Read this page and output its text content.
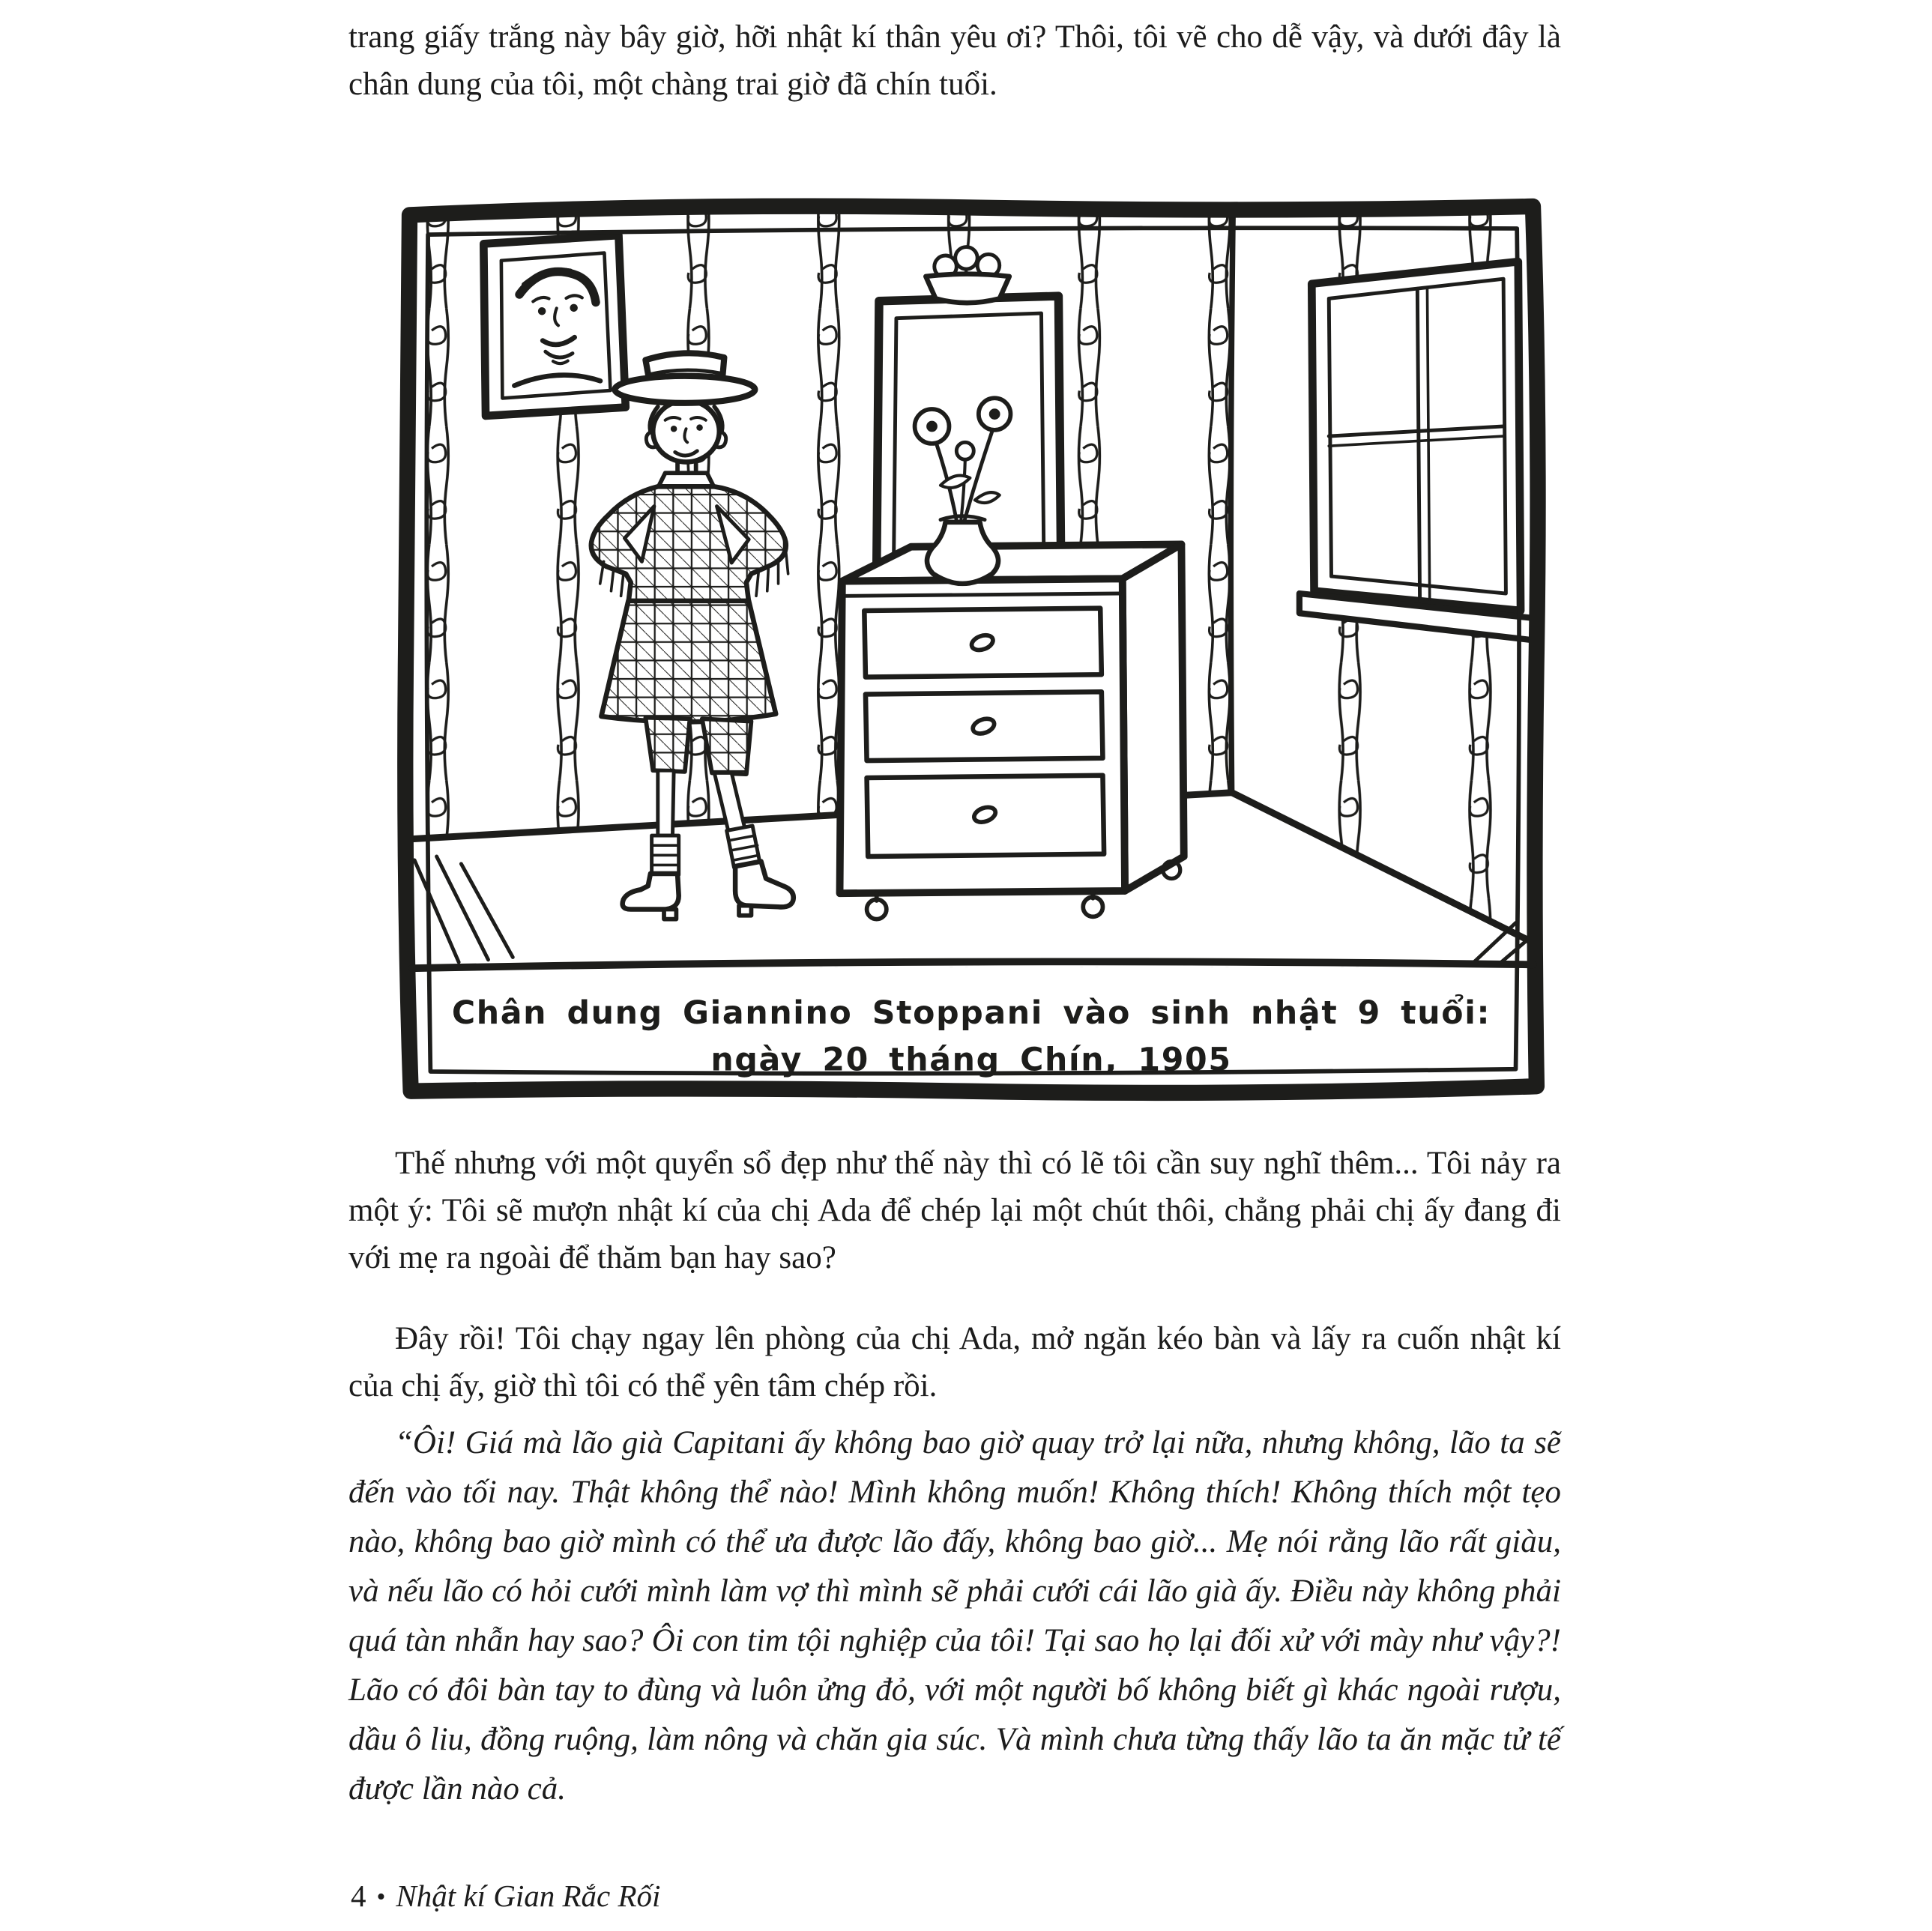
trang giấy trắng này bây giờ, hỡi nhật kí thân yêu ơi? Thôi, tôi vẽ cho dễ vậy, và dưới đây là chân dung của tôi, một chàng trai giờ đã chín tuổi.

Chân dung Giannino Stoppani vào sinh nhật 9 tuổi:
ngày 20 tháng Chín, 1905

Thế nhưng với một quyển sổ đẹp như thế này thì có lẽ tôi cần suy nghĩ thêm... Tôi nảy ra một ý: Tôi sẽ mượn nhật kí của chị Ada để chép lại một chút thôi, chẳng phải chị ấy đang đi với mẹ ra ngoài để thăm bạn hay sao?

Đây rồi! Tôi chạy ngay lên phòng của chị Ada, mở ngăn kéo bàn và lấy ra cuốn nhật kí của chị ấy, giờ thì tôi có thể yên tâm chép rồi.

“Ôi! Giá mà lão già Capitani ấy không bao giờ quay trở lại nữa, nhưng không, lão ta sẽ đến vào tối nay. Thật không thể nào! Mình không muốn! Không thích! Không thích một tẹo nào, không bao giờ mình có thể ưa được lão đấy, không bao giờ... Mẹ nói rằng lão rất giàu, và nếu lão có hỏi cưới mình làm vợ thì mình sẽ phải cưới cái lão già ấy. Điều này không phải quá tàn nhẫn hay sao? Ôi con tim tội nghiệp của tôi! Tại sao họ lại đối xử với mày như vậy?! Lão có đôi bàn tay to đùng và luôn ửng đỏ, với một người bố không biết gì khác ngoài rượu, dầu ô liu, đồng ruộng, làm nông và chăn gia súc. Và mình chưa từng thấy lão ta ăn mặc tử tế được lần nào cả.

4 • Nhật kí Gian Rắc Rối
